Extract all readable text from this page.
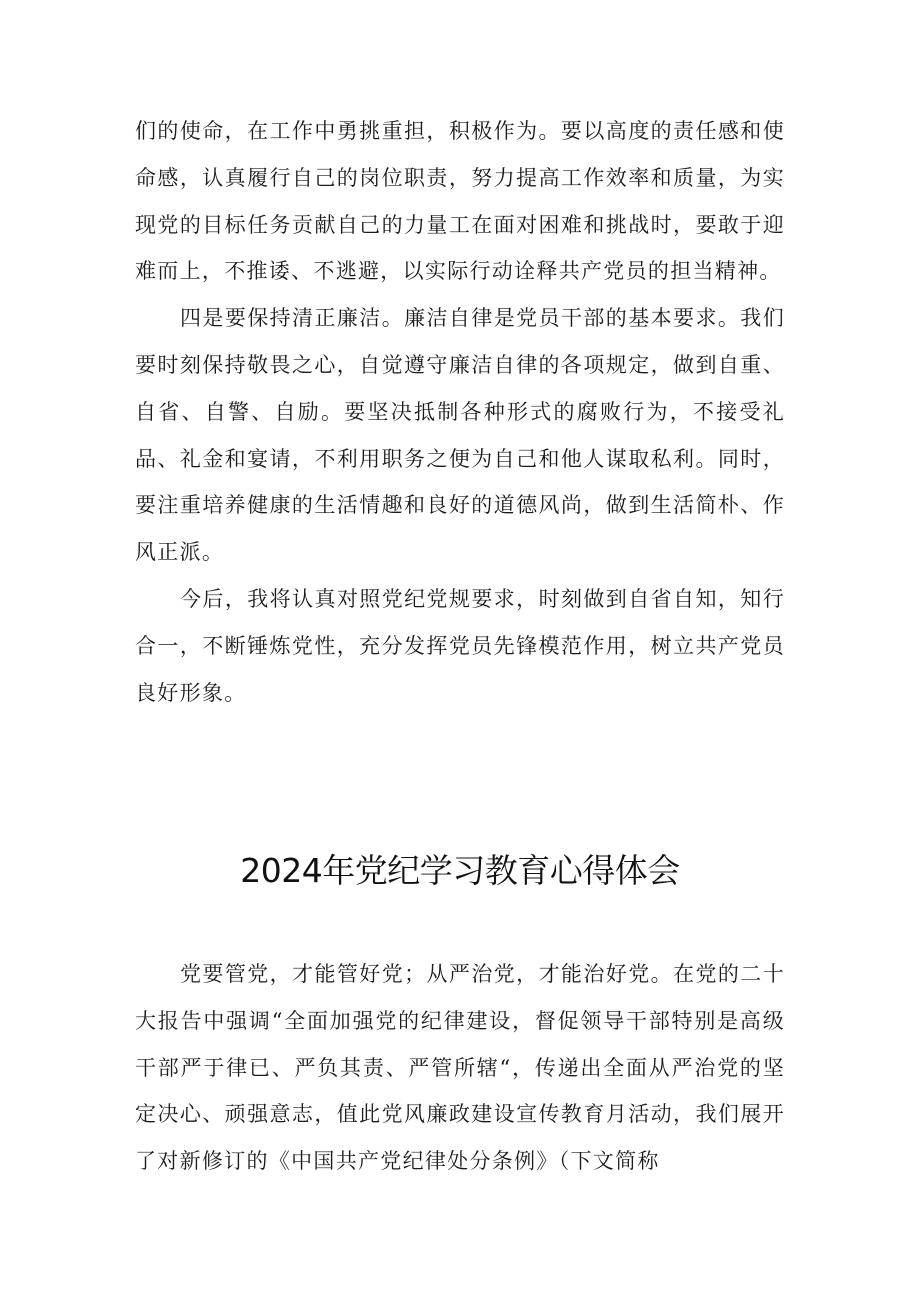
们的使命，在工作中勇挑重担，积极作为。要以高度的责任感和使命感，认真履行自己的岗位职责，努力提高工作效率和质量，为实现党的目标任务贡献自己的力量工在面对困难和挑战时，要敢于迎难而上，不推诿、不逃避，以实际行动诠释共产党员的担当精神。

四是要保持清正廉洁。廉洁自律是党员干部的基本要求。我们要时刻保持敬畏之心，自觉遵守廉洁自律的各项规定，做到自重、自省、自警、自励。要坚决抵制各种形式的腐败行为，不接受礼品、礼金和宴请，不利用职务之便为自己和他人谋取私利。同时，要注重培养健康的生活情趣和良好的道德风尚，做到生活简朴、作风正派。

今后，我将认真对照党纪党规要求，时刻做到自省自知，知行合一，不断锤炼党性，充分发挥党员先锋模范作用，树立共产党员良好形象。

2024年党纪学习教育心得体会

党要管党，才能管好党；从严治党，才能治好党。在党的二十大报告中强调“全面加强党的纪律建设，督促领导干部特别是高级干部严于律已、严负其责、严管所辖“，传递出全面从严治党的坚定决心、顽强意志，值此党风廉政建设宣传教育月活动，我们展开了对新修订的《中国共产党纪律处分条例》（下文简称
